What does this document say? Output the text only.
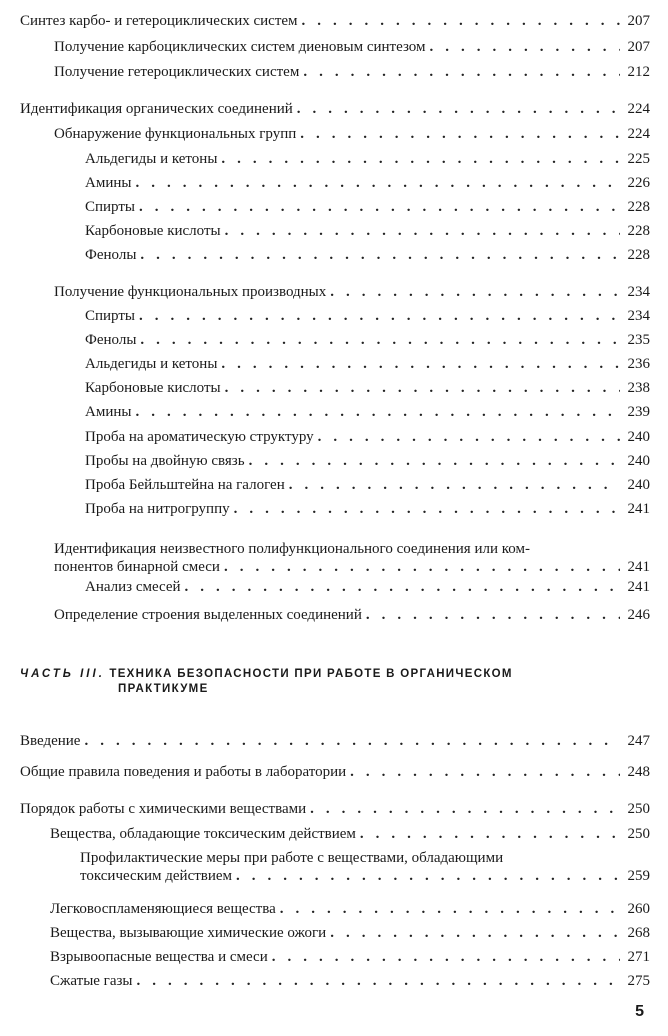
Синтез карбо- и гетероциклических систем .....	207
Получение карбоциклических систем диеновым синтезом .....	207
Получение гетероциклических систем .....	212
Идентификация органических соединений .....	224
Обнаружение функциональных групп .....	224
Альдегиды и кетоны .....	225
Амины .....	226
Спирты .....	228
Карбоновые кислоты .....	228
Фенолы .....	228
Получение функциональных производных .....	234
Спирты .....	234
Фенолы .....	235
Альдегиды и кетоны .....	236
Карбоновые кислоты .....	238
Амины .....	239
Проба на ароматическую структуру .....	240
Пробы на двойную связь .....	240
Проба Бейльштейна на галоген .....	240
Проба на нитрогруппу .....	241
Идентификация неизвестного полифункционального соединения или ком-
понентов бинарной смеси .....	241
Анализ смесей .....	241
Определение строения выделенных соединений .....	246
ЧАСТЬ III. ТЕХНИКА БЕЗОПАСНОСТИ ПРИ РАБОТЕ В ОРГАНИЧЕСКОМ
ПРАКТИКУМЕ
Введение .....	247
Общие правила поведения и работы в лаборатории .....	248
Порядок работы с химическими веществами .....	250
Вещества, обладающие токсическим действием .....	250
Профилактические меры при работе с веществами, обладающими
токсическим действием .....	259
Легковоспламеняющиеся вещества .....	260
Вещества, вызывающие химические ожоги .....	268
Взрывоопасные вещества и смеси .....	271
Сжатые газы .....	275
5
